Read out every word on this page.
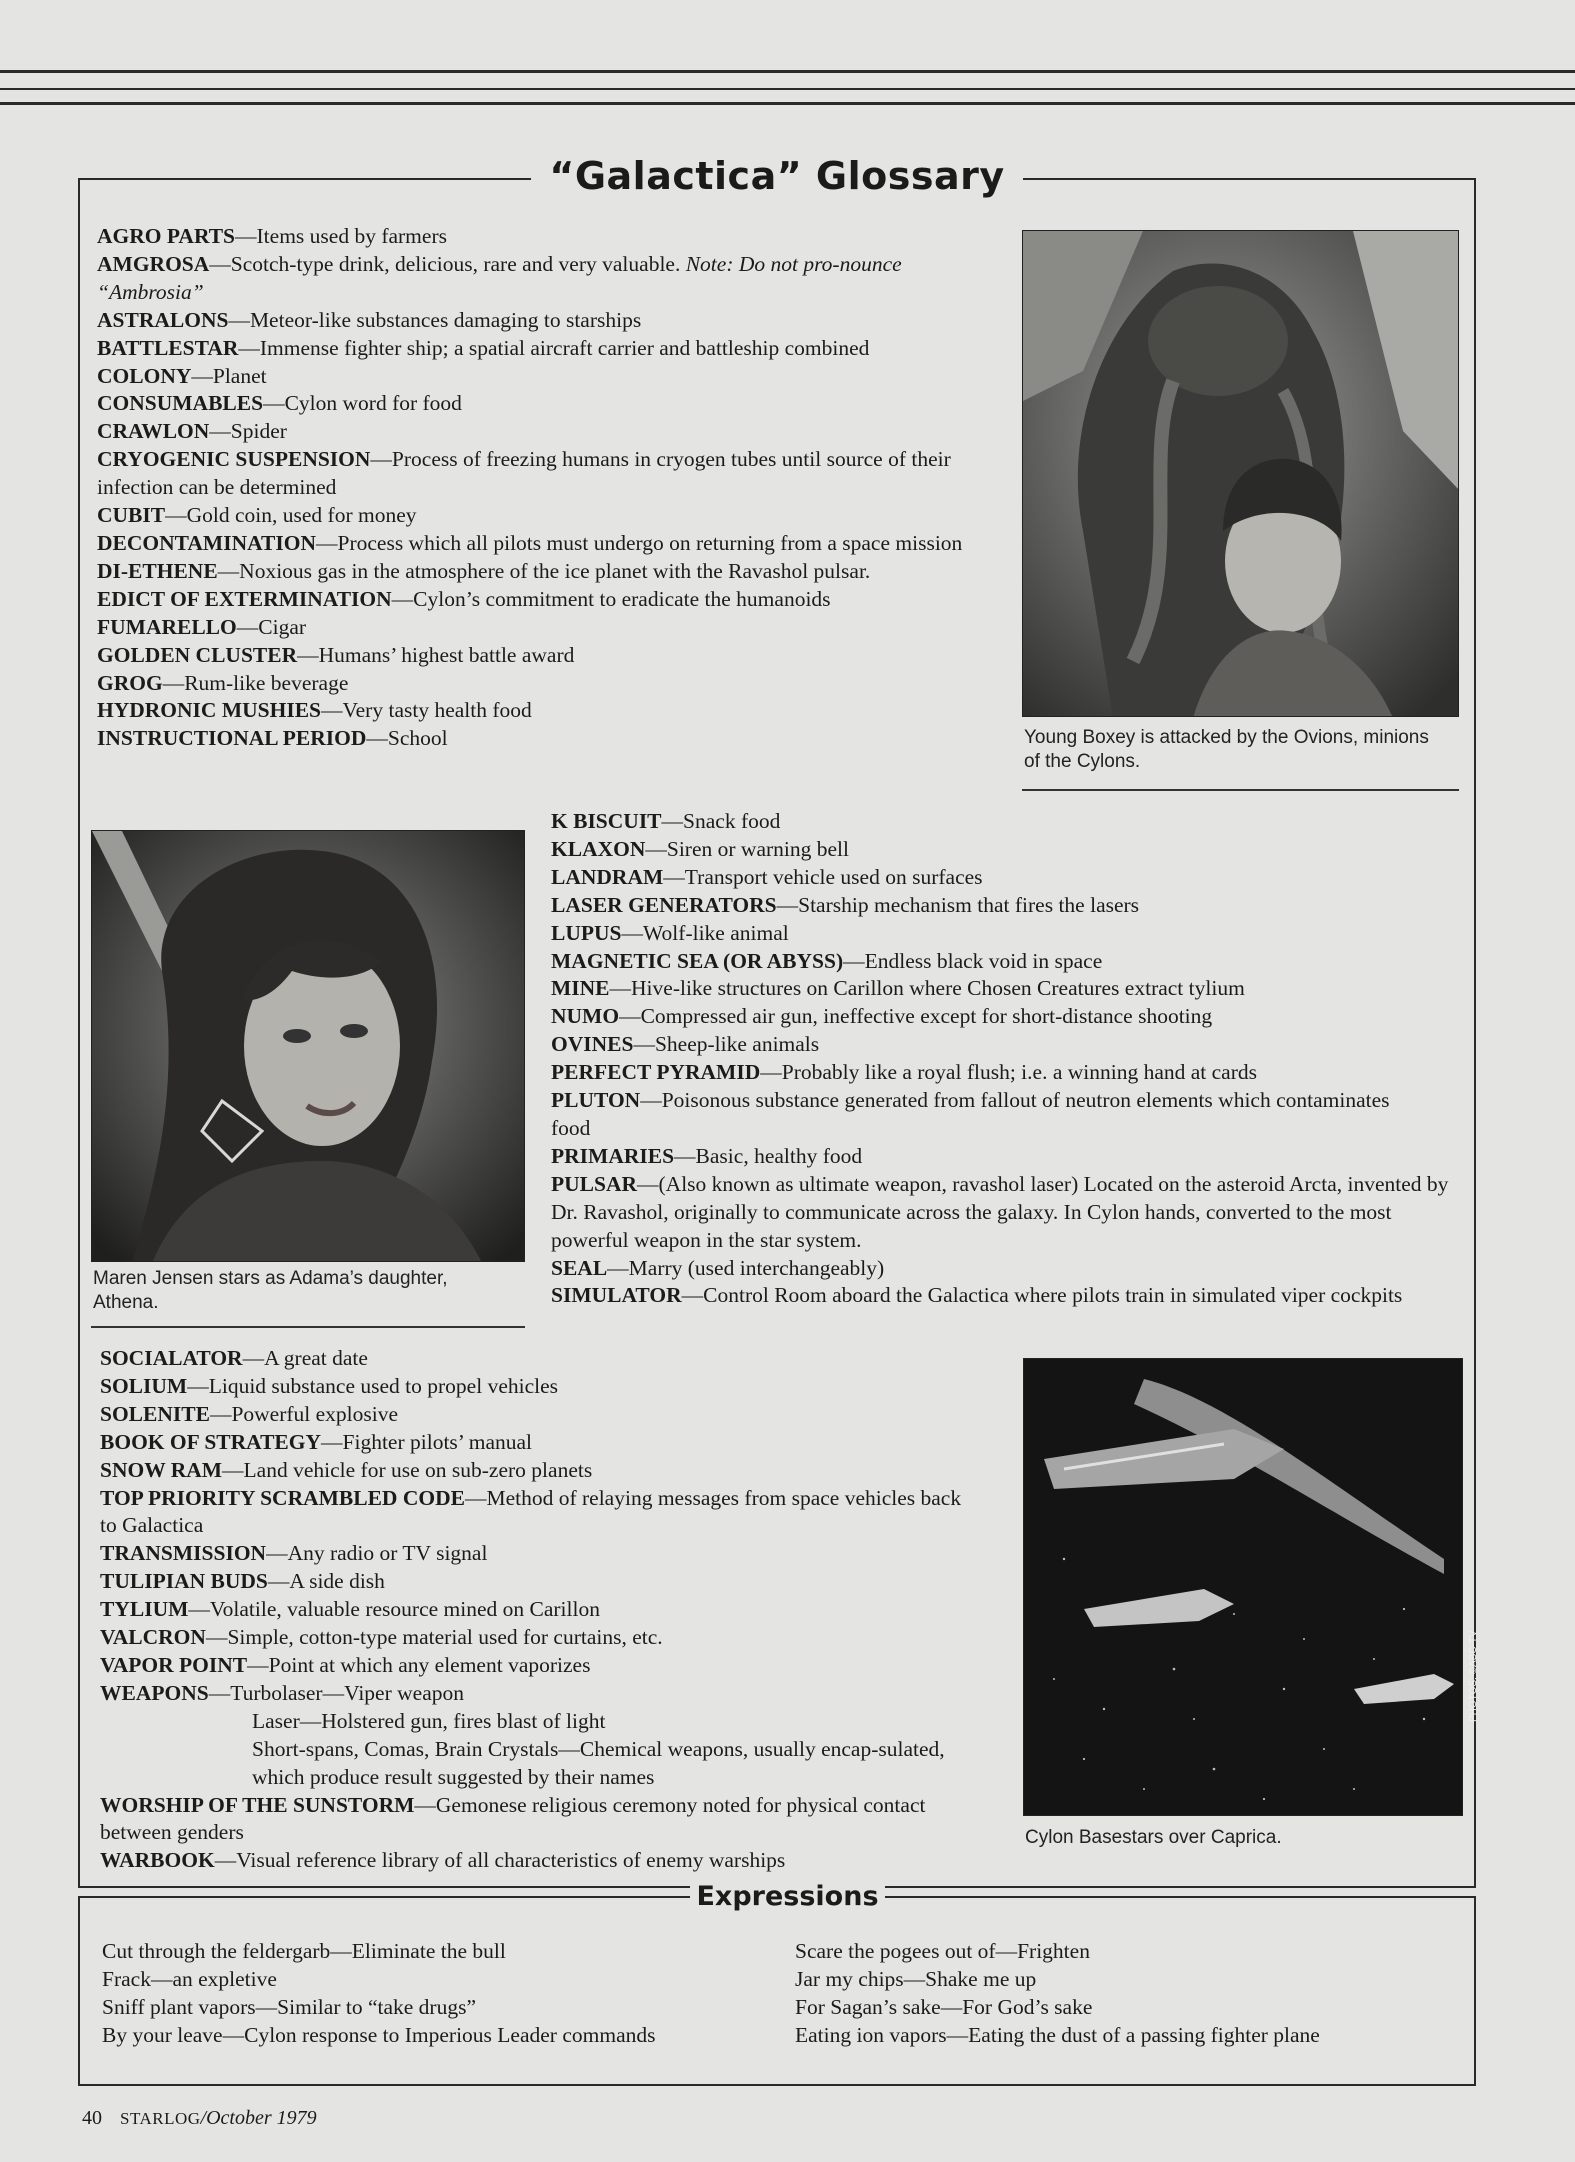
“Galactica” Glossary
Expressions
AGRO PARTS—Items used by farmers
AMGROSA—Scotch-type drink, delicious, rare and very valuable. Note: Do not pro-nounce “Ambrosia”
ASTRALONS—Meteor-like substances damaging to starships
BATTLESTAR—Immense fighter ship; a spatial aircraft carrier and battleship combined
COLONY—Planet
CONSUMABLES—Cylon word for food
CRAWLON—Spider
CRYOGENIC SUSPENSION—Process of freezing humans in cryogen tubes until source of their infection can be determined
CUBIT—Gold coin, used for money
DECONTAMINATION—Process which all pilots must undergo on returning from a space mission
DI-ETHENE—Noxious gas in the atmosphere of the ice planet with the Ravashol pulsar.
EDICT OF EXTERMINATION—Cylon’s commitment to eradicate the humanoids
FUMARELLO—Cigar
GOLDEN CLUSTER—Humans’ highest battle award
GROG—Rum-like beverage
HYDRONIC MUSHIES—Very tasty health food
INSTRUCTIONAL PERIOD—School
K BISCUIT—Snack food
KLAXON—Siren or warning bell
LANDRAM—Transport vehicle used on surfaces
LASER GENERATORS—Starship mechanism that fires the lasers
LUPUS—Wolf-like animal
MAGNETIC SEA (OR ABYSS)—Endless black void in space
MINE—Hive-like structures on Carillon where Chosen Creatures extract tylium
NUMO—Compressed air gun, ineffective except for short-distance shooting
OVINES—Sheep-like animals
PERFECT PYRAMID—Probably like a royal flush; i.e. a winning hand at cards
PLUTON—Poisonous substance generated from fallout of neutron elements which contaminates food
PRIMARIES—Basic, healthy food
PULSAR—(Also known as ultimate weapon, ravashol laser) Located on the asteroid Arcta, invented by Dr. Ravashol, originally to communicate across the galaxy. In Cylon hands, converted to the most powerful weapon in the star system.
SEAL—Marry (used interchangeably)
SIMULATOR—Control Room aboard the Galactica where pilots train in simulated viper cockpits
SOCIALATOR—A great date
SOLIUM—Liquid substance used to propel vehicles
SOLENITE—Powerful explosive
BOOK OF STRATEGY—Fighter pilots’ manual
SNOW RAM—Land vehicle for use on sub-zero planets
TOP PRIORITY SCRAMBLED CODE—Method of relaying messages from space vehicles back to Galactica
TRANSMISSION—Any radio or TV signal
TULIPIAN BUDS—A side dish
TYLIUM—Volatile, valuable resource mined on Carillon
VALCRON—Simple, cotton-type material used for curtains, etc.
VAPOR POINT—Point at which any element vaporizes
WEAPONS—Turbolaser—Viper weapon
Laser—Holstered gun, fires blast of light
Short-spans, Comas, Brain Crystals—Chemical weapons, usually encap-sulated, which produce result suggested by their names
WORSHIP OF THE SUNSTORM—Gemonese religious ceremony noted for physical contact between genders
WARBOOK—Visual reference library of all characteristics of enemy warships
Young Boxey is attacked by the Ovions, minions of the Cylons.
Maren Jensen stars as Adama’s daughter, Athena.
PHOTOS: ©ABC-TV
Cylon Basestars over Caprica.
Cut through the feldergarb—Eliminate the bull
Frack—an expletive
Sniff plant vapors—Similar to “take drugs”
By your leave—Cylon response to Imperious Leader commands
Scare the pogees out of—Frighten
Jar my chips—Shake me up
For Sagan’s sake—For God’s sake
Eating ion vapors—Eating the dust of a passing fighter plane
40 STARLOG/October 1979
